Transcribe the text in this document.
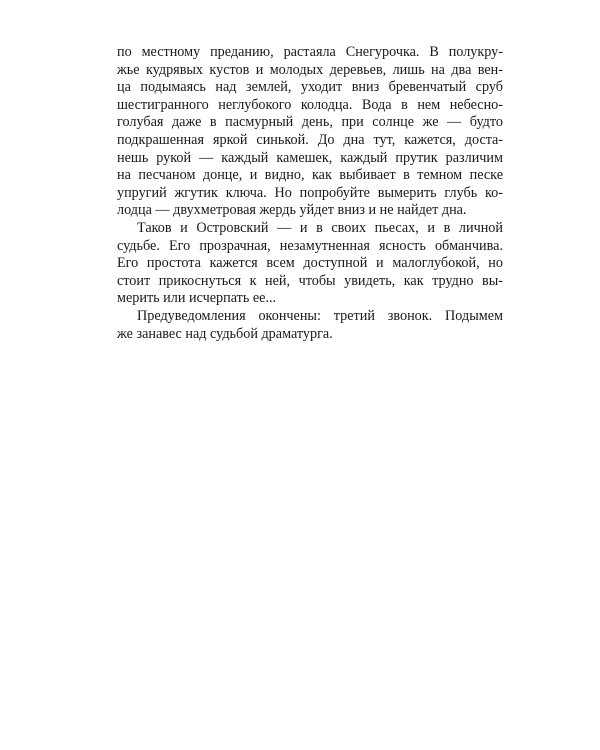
по местному преданию, растаяла Снегурочка. В полукру-
жье кудрявых кустов и молодых деревьев, лишь на два вен-
ца подымаясь над землей, уходит вниз бревенчатый сруб
шестигранного неглубокого колодца. Вода в нем небесно-
голубая даже в пасмурный день, при солнце же — будто
подкрашенная яркой синькой. До дна тут, кажется, достa-
нешь рукой — каждый камешек, каждый прутик различим
на песчаном донце, и видно, как выбивает в темном песке
упругий жгутик ключа. Но попробуйте вымерить глубь ко-
лодца — двухметровая жердь уйдет вниз и не найдет дна.
Таков и Островский — и в своих пьесах, и в личной
судьбе. Его прозрачная, незамутненная ясность обманчива.
Его простота кажется всем доступной и малоглубокой, но
стоит прикоснуться к ней, чтобы увидеть, как трудно вы-
мерить или исчерпать ее...
Предуведомления окончены: третий звонок. Подымем
же занавес над судьбой драматурга.
